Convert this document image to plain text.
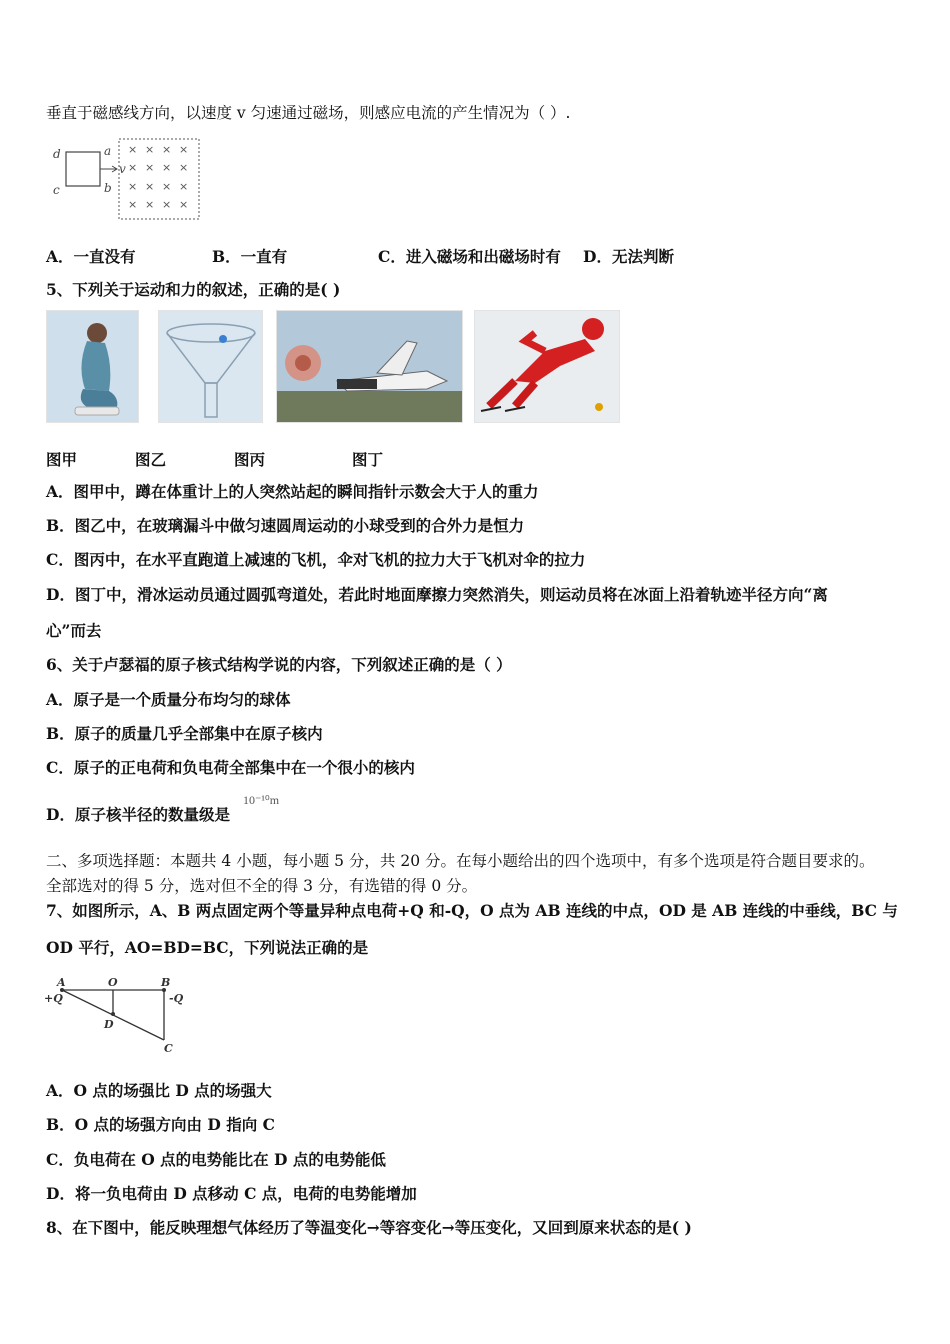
垂直于磁感线方向，以速度 v 匀速通过磁场，则感应电流的产生情况为（ ）.
d
c
a
b
v
× × × ×
× × × ×
× × × ×
× × × ×
A．一直没有	B．一直有	C．进入磁场和出磁场时有 D．无法判断
5、下列关于运动和力的叙述，正确的是( )
图甲	图乙	图丙	图丁
A．图甲中，蹲在体重计上的人突然站起的瞬间指针示数会大于人的重力
B．图乙中，在玻璃漏斗中做匀速圆周运动的小球受到的合外力是恒力
C．图丙中，在水平直跑道上减速的飞机，伞对飞机的拉力大于飞机对伞的拉力
D．图丁中，滑冰运动员通过圆弧弯道处，若此时地面摩擦力突然消失，则运动员将在冰面上沿着轨迹半径方向“离
心”而去
6、关于卢瑟福的原子核式结构学说的内容，下列叙述正确的是（ ）
A．原子是一个质量分布均匀的球体
B．原子的质量几乎全部集中在原子核内
C．原子的正电荷和负电荷全部集中在一个很小的核内
D．原子核半径的数量级是
10⁻¹⁰m
二、多项选择题：本题共 4 小题，每小题 5 分，共 20 分。在每小题给出的四个选项中，有多个选项是符合题目要求的。
全部选对的得 5 分，选对但不全的得 3 分，有选错的得 0 分。
7、如图所示，A、B 两点固定两个等量异种点电荷+Q 和-Q，O 点为 AB 连线的中点，OD 是 AB 连线的中垂线，BC 与
OD 平行，AO=BD=BC，下列说法正确的是
A	O	B
+Q	-Q
D
C
A．O 点的场强比 D 点的场强大
B．O 点的场强方向由 D 指向 C
C．负电荷在 O 点的电势能比在 D 点的电势能低
D．将一负电荷由 D 点移动 C 点，电荷的电势能增加
8、在下图中，能反映理想气体经历了等温变化→等容变化→等压变化，又回到原来状态的是( )
